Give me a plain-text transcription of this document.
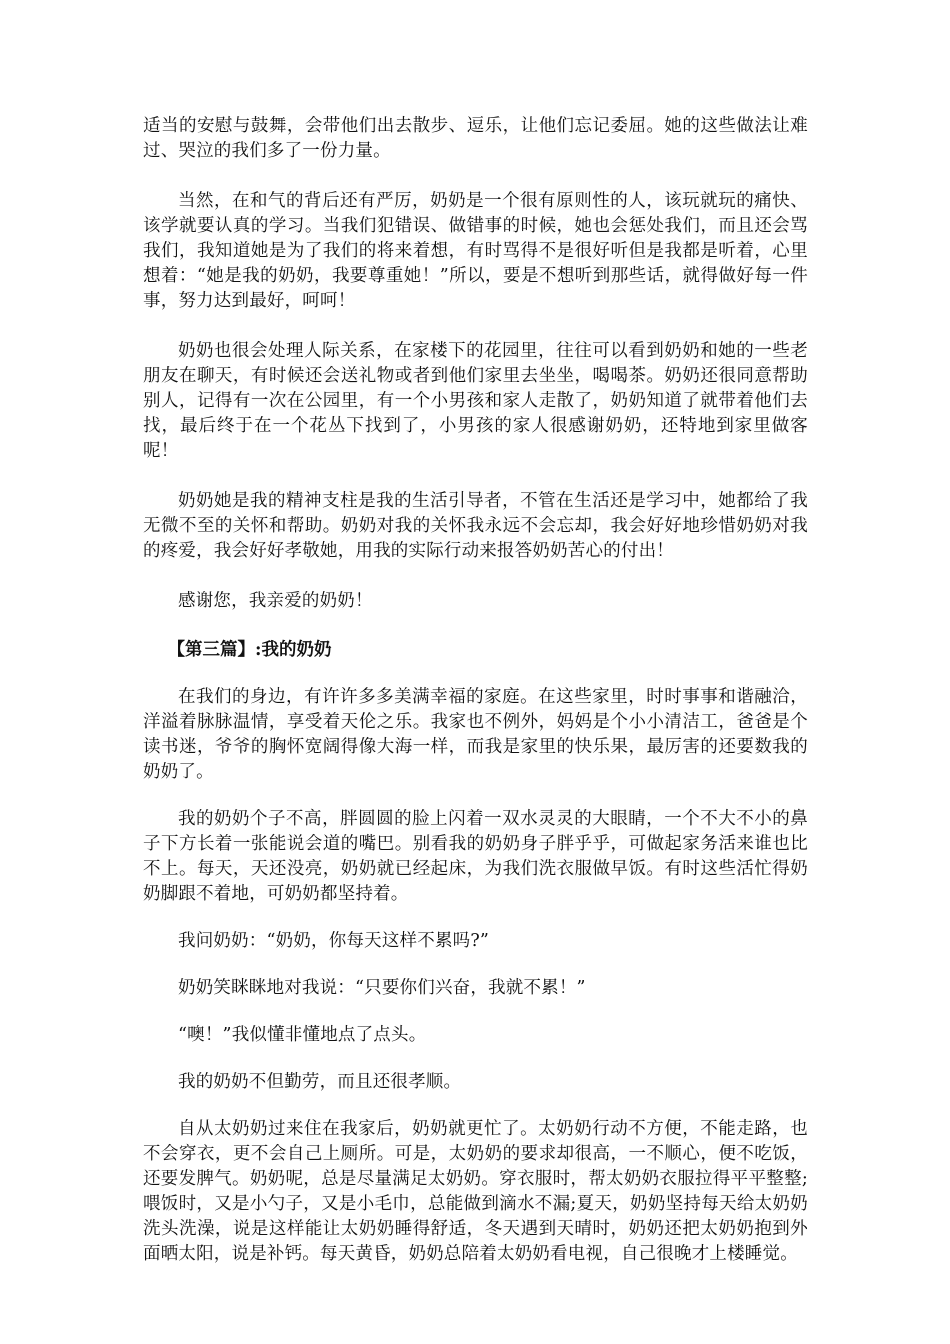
适当的安慰与鼓舞，会带他们出去散步、逗乐，让他们忘记委屈。她的这些做法让难过、哭泣的我们多了一份力量。

当然，在和气的背后还有严厉，奶奶是一个很有原则性的人，该玩就玩的痛快、该学就要认真的学习。当我们犯错误、做错事的时候，她也会惩处我们，而且还会骂我们，我知道她是为了我们的将来着想，有时骂得不是很好听但是我都是听着，心里想着：“她是我的奶奶，我要尊重她！”所以，要是不想听到那些话，就得做好每一件事，努力达到最好，呵呵！

奶奶也很会处理人际关系，在家楼下的花园里，往往可以看到奶奶和她的一些老朋友在聊天，有时候还会送礼物或者到他们家里去坐坐，喝喝茶。奶奶还很同意帮助别人，记得有一次在公园里，有一个小男孩和家人走散了，奶奶知道了就带着他们去找，最后终于在一个花丛下找到了，小男孩的家人很感谢奶奶，还特地到家里做客呢！

奶奶她是我的精神支柱是我的生活引导者，不管在生活还是学习中，她都给了我无微不至的关怀和帮助。奶奶对我的关怀我永远不会忘却，我会好好地珍惜奶奶对我的疼爱，我会好好孝敬她，用我的实际行动来报答奶奶苦心的付出！

感谢您，我亲爱的奶奶！

【第三篇】:我的奶奶

在我们的身边，有许许多多美满幸福的家庭。在这些家里，时时事事和谐融洽，洋溢着脉脉温情，享受着天伦之乐。我家也不例外，妈妈是个小小清洁工，爸爸是个读书迷，爷爷的胸怀宽阔得像大海一样，而我是家里的快乐果，最厉害的还要数我的奶奶了。

我的奶奶个子不高，胖圆圆的脸上闪着一双水灵灵的大眼睛，一个不大不小的鼻子下方长着一张能说会道的嘴巴。别看我的奶奶身子胖乎乎，可做起家务活来谁也比不上。每天，天还没亮，奶奶就已经起床，为我们洗衣服做早饭。有时这些活忙得奶奶脚跟不着地，可奶奶都坚持着。

我问奶奶：“奶奶，你每天这样不累吗?”

奶奶笑眯眯地对我说：“只要你们兴奋，我就不累！”

“噢！”我似懂非懂地点了点头。

我的奶奶不但勤劳，而且还很孝顺。

自从太奶奶过来住在我家后，奶奶就更忙了。太奶奶行动不方便，不能走路，也不会穿衣，更不会自己上厕所。可是，太奶奶的要求却很高，一不顺心，便不吃饭，还要发脾气。奶奶呢，总是尽量满足太奶奶。穿衣服时，帮太奶奶衣服拉得平平整整;喂饭时，又是小勺子，又是小毛巾，总能做到滴水不漏;夏天，奶奶坚持每天给太奶奶洗头洗澡，说是这样能让太奶奶睡得舒适，冬天遇到天晴时，奶奶还把太奶奶抱到外面晒太阳，说是补钙。每天黄昏，奶奶总陪着太奶奶看电视，自己很晚才上楼睡觉。
